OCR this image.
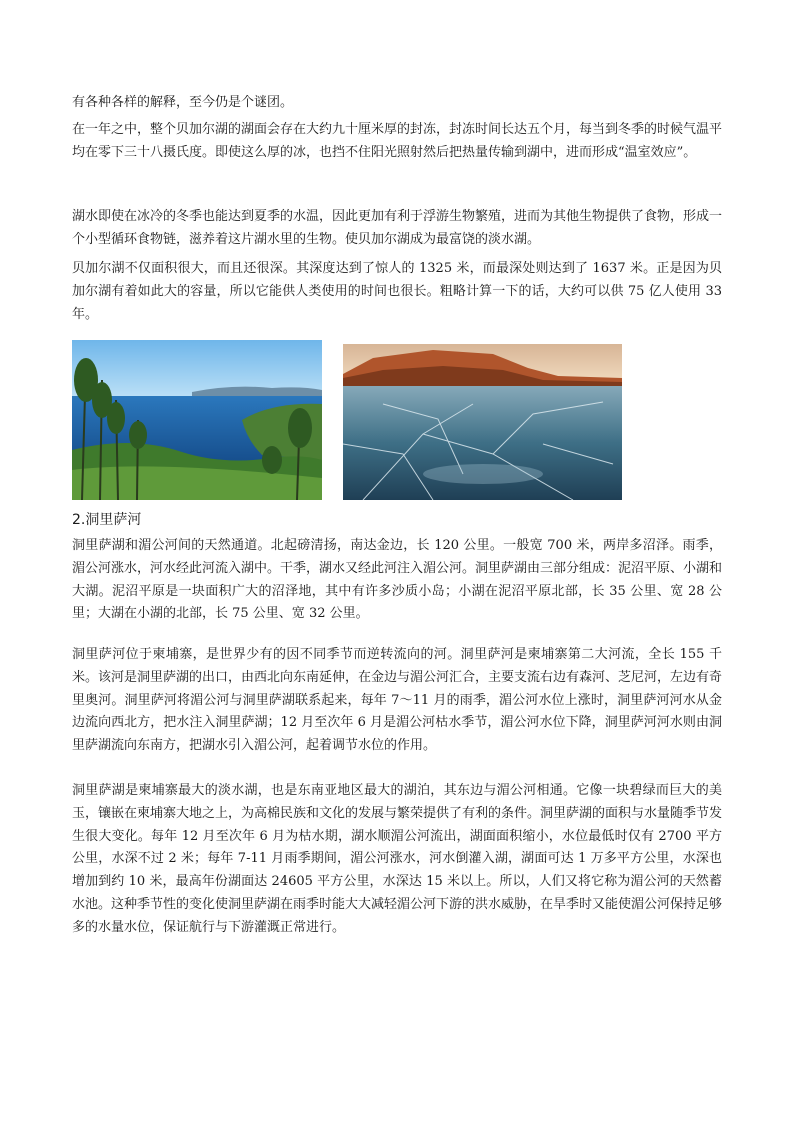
有各种各样的解释，至今仍是个谜团。

在一年之中，整个贝加尔湖的湖面会存在大约九十厘米厚的封冻，封冻时间长达五个月，每当到冬季的时候气温平均在零下三十八摄氏度。即使这么厚的冰，也挡不住阳光照射然后把热量传输到湖中，进而形成“温室效应”。

湖水即使在冰冷的冬季也能达到夏季的水温，因此更加有利于浮游生物繁殖，进而为其他生物提供了食物，形成一个小型循环食物链，滋养着这片湖水里的生物。使贝加尔湖成为最富饶的淡水湖。

贝加尔湖不仅面积很大，而且还很深。其深度达到了惊人的 1325 米，而最深处则达到了 1637 米。正是因为贝加尔湖有着如此大的容量，所以它能供人类使用的时间也很长。粗略计算一下的话，大约可以供 75 亿人使用 33 年。

2.洞里萨河

洞里萨湖和湄公河间的天然通道。北起磅清扬，南达金边，长 120 公里。一般宽 700 米，两岸多沼泽。雨季，湄公河涨水，河水经此河流入湖中。干季，湖水又经此河注入湄公河。洞里萨湖由三部分组成：泥沼平原、小湖和大湖。泥沼平原是一块面积广大的沼泽地，其中有许多沙质小岛；小湖在泥沼平原北部，长 35 公里、宽 28 公里；大湖在小湖的北部，长 75 公里、宽 32 公里。

洞里萨河位于柬埔寨，是世界少有的因不同季节而逆转流向的河。洞里萨河是柬埔寨第二大河流，全长 155 千米。该河是洞里萨湖的出口，由西北向东南延伸，在金边与湄公河汇合，主要支流右边有森河、芝尼河，左边有奇里奥河。洞里萨河将湄公河与洞里萨湖联系起来，每年 7～11 月的雨季，湄公河水位上涨时，洞里萨河河水从金边流向西北方，把水注入洞里萨湖；12 月至次年 6 月是湄公河枯水季节，湄公河水位下降，洞里萨河河水则由洞里萨湖流向东南方，把湖水引入湄公河，起着调节水位的作用。

洞里萨湖是柬埔寨最大的淡水湖，也是东南亚地区最大的湖泊，其东边与湄公河相通。它像一块碧绿而巨大的美玉，镶嵌在柬埔寨大地之上，为高棉民族和文化的发展与繁荣提供了有利的条件。洞里萨湖的面积与水量随季节发生很大变化。每年 12 月至次年 6 月为枯水期，湖水顺湄公河流出，湖面面积缩小，水位最低时仅有 2700 平方公里，水深不过 2 米；每年 7-11 月雨季期间，湄公河涨水，河水倒灌入湖，湖面可达 1 万多平方公里，水深也增加到约 10 米，最高年份湖面达 24605 平方公里，水深达 15 米以上。所以，人们又将它称为湄公河的天然蓄水池。这种季节性的变化使洞里萨湖在雨季时能大大减轻湄公河下游的洪水威胁，在旱季时又能使湄公河保持足够多的水量水位，保证航行与下游灌溉正常进行。
